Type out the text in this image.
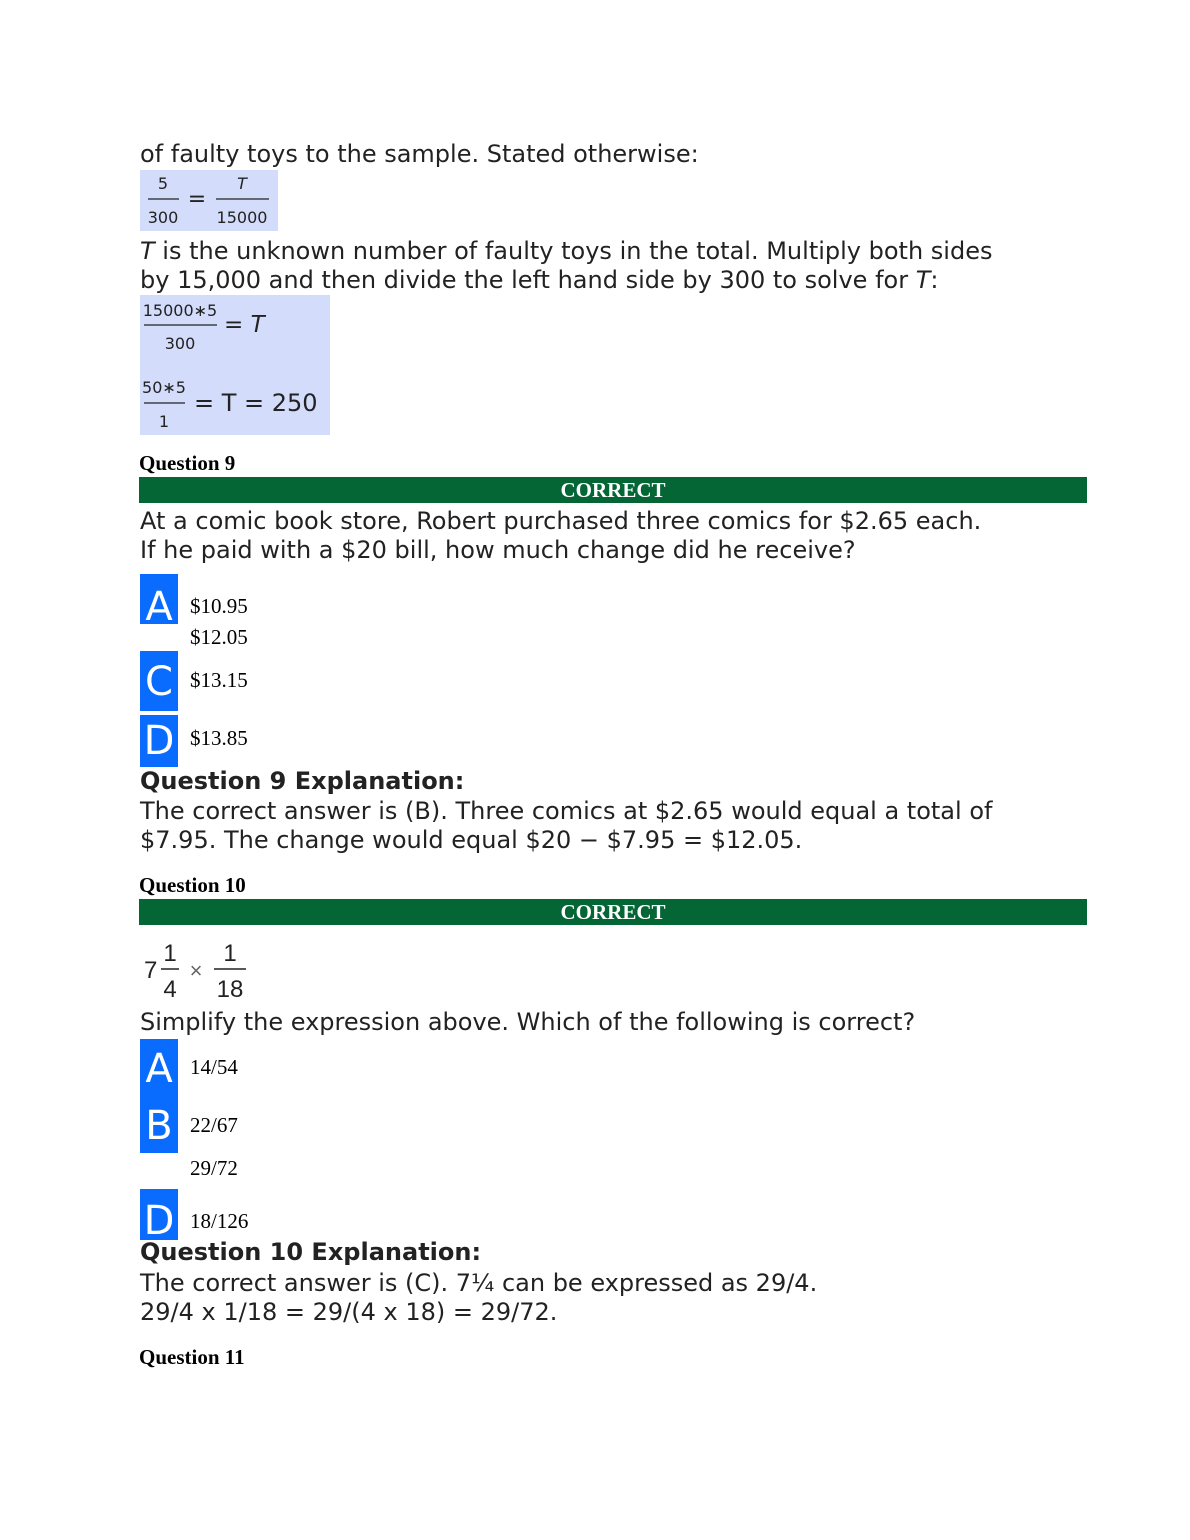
of faulty toys to the sample. Stated otherwise:
5
300
=
T
15000
T is the unknown number of faulty toys in the total. Multiply both sides
by 15,000 and then divide the left hand side by 300 to solve for T:
15000∗5
300
= T
50∗5
1
= T = 250
Question 9
CORRECT
At a comic book store, Robert purchased three comics for $2.65 each.
If he paid with a $20 bill, how much change did he receive?
A $10.95
$12.05
C $13.15
D $13.85
Question 9 Explanation:
The correct answer is (B). Three comics at $2.65 would equal a total of
$7.95. The change would equal $20 − $7.95 = $12.05.
Question 10
CORRECT
7
1
4
×
1
18
Simplify the expression above. Which of the following is correct?
A 14/54
B 22/67
29/72
D 18/126
Question 10 Explanation:
The correct answer is (C). 7¼ can be expressed as 29/4.
29/4 x 1/18 = 29/(4 x 18) = 29/72.
Question 11
